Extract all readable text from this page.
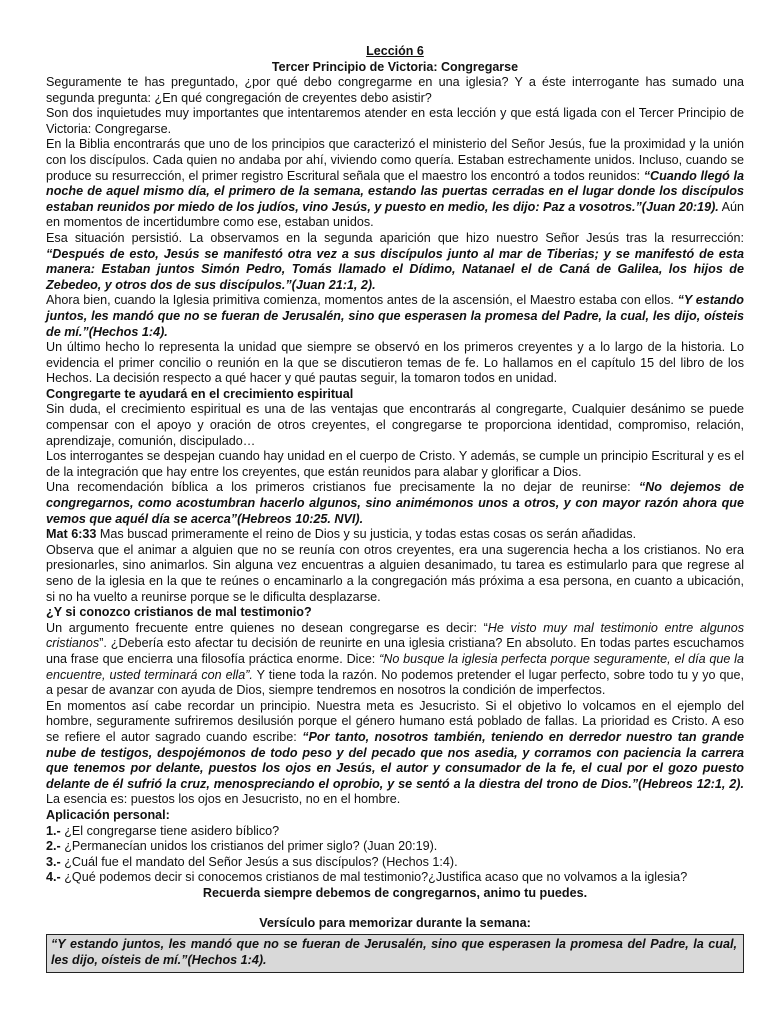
Lección 6
Tercer Principio de Victoria: Congregarse

Seguramente te has preguntado, ¿por qué debo congregarme en una iglesia? Y a éste interrogante has sumado una segunda pregunta: ¿En qué congregación de creyentes debo asistir?

Son dos inquietudes muy importantes que intentaremos atender en esta lección y que está ligada con el Tercer Principio de Victoria: Congregarse.

En la Biblia encontrarás que uno de los principios que caracterizó el ministerio del Señor Jesús, fue la proximidad y la unión con los discípulos. Cada quien no andaba por ahí, viviendo como quería. Estaban estrechamente unidos. Incluso, cuando se produce su resurrección, el primer registro Escritural señala que el maestro los encontró a todos reunidos: “Cuando llegó la noche de aquel mismo día, el primero de la semana, estando las puertas cerradas en el lugar donde los discípulos estaban reunidos por miedo de los judíos, vino Jesús, y puesto en medio, les dijo: Paz a vosotros.”(Juan 20:19). Aún en momentos de incertidumbre como ese, estaban unidos.

Esa situación persistió. La observamos en la segunda aparición que hizo nuestro Señor Jesús tras la resurrección: “Después de esto, Jesús se manifestó otra vez a sus discípulos junto al mar de Tiberias; y se manifestó de esta manera: Estaban juntos Simón Pedro, Tomás llamado el Dídimo, Natanael el de Caná de Galilea, los hijos de Zebedeo, y otros dos de sus discípulos.”(Juan 21:1, 2).

Ahora bien, cuando la Iglesia primitiva comienza, momentos antes de la ascensión, el Maestro estaba con ellos. “Y estando juntos, les mandó que no se fueran de Jerusalén, sino que esperasen la promesa del Padre, la cual, les dijo, oísteis de mí.”(Hechos 1:4).

Un último hecho lo representa la unidad que siempre se observó en los primeros creyentes y a lo largo de la historia. Lo evidencia el primer concilio o reunión en la que se discutieron temas de fe. Lo hallamos en el capítulo 15 del libro de los Hechos. La decisión respecto a qué hacer y qué pautas seguir, la tomaron todos en unidad.

Congregarte te ayudará en el crecimiento espiritual

Sin duda, el crecimiento espiritual es una de las ventajas que encontrarás al congregarte, Cualquier desánimo se puede compensar con el apoyo y oración de otros creyentes, el congregarse te proporciona identidad, compromiso, relación, aprendizaje, comunión, discipulado…

Los interrogantes se despejan cuando hay unidad en el cuerpo de Cristo. Y además, se cumple un principio Escritural y es el de la integración que hay entre los creyentes, que están reunidos para alabar y glorificar a Dios.

Una recomendación bíblica a los primeros cristianos fue precisamente la no dejar de reunirse: “No dejemos de congregarnos, como acostumbran hacerlo algunos, sino animémonos unos a otros, y con mayor razón ahora que vemos que aquél día se acerca”(Hebreos 10:25. NVI).

Mat 6:33 Mas buscad primeramente el reino de Dios y su justicia, y todas estas cosas os serán añadidas.

Observa que el animar a alguien que no se reunía con otros creyentes, era una sugerencia hecha a los cristianos. No era presionarles, sino animarlos. Sin alguna vez encuentras a alguien desanimado, tu tarea es estimularlo para que regrese al seno de la iglesia en la que te reúnes o encaminarlo a la congregación más próxima a esa persona, en cuanto a ubicación, si no ha vuelto a reunirse porque se le dificulta desplazarse.

¿Y si conozco cristianos de mal testimonio?

Un argumento frecuente entre quienes no desean congregarse es decir: “He visto muy mal testimonio entre algunos cristianos”. ¿Debería esto afectar tu decisión de reunirte en una iglesia cristiana? En absoluto. En todas partes escuchamos una frase que encierra una filosofía práctica enorme. Dice: “No busque la iglesia perfecta porque seguramente, el día que la encuentre, usted terminará con ella”. Y tiene toda la razón. No podemos pretender el lugar perfecto, sobre todo tu y yo que, a pesar de avanzar con ayuda de Dios, siempre tendremos en nosotros la condición de imperfectos.

En momentos así cabe recordar un principio. Nuestra meta es Jesucristo. Si el objetivo lo volcamos en el ejemplo del hombre, seguramente sufriremos desilusión porque el género humano está poblado de fallas. La prioridad es Cristo. A eso se refiere el autor sagrado cuando escribe: “Por tanto, nosotros también, teniendo en derredor nuestro tan grande nube de testigos, despojémonos de todo peso y del pecado que nos asedia, y corramos con paciencia la carrera que tenemos por delante, puestos los ojos en Jesús, el autor y consumador de la fe, el cual por el gozo puesto delante de él sufrió la cruz, menospreciando el oprobio, y se sentó a la diestra del trono de Dios.”(Hebreos 12:1, 2). La esencia es: puestos los ojos en Jesucristo, no en el hombre.

Aplicación personal:

1.- ¿El congregarse tiene asidero bíblico?

2.- ¿Permanecían unidos los cristianos del primer siglo? (Juan 20:19).

3.- ¿Cuál fue el mandato del Señor Jesús a sus discípulos? (Hechos 1:4).

4.- ¿Qué podemos decir si conocemos cristianos de mal testimonio?¿Justifica acaso que no volvamos a la iglesia?

Recuerda siempre debemos de congregarnos, animo tu puedes.

Versículo para memorizar durante la semana:

“Y estando juntos, les mandó que no se fueran de Jerusalén, sino que esperasen la promesa del Padre, la cual, les dijo, oísteis de mí.”(Hechos 1:4).
